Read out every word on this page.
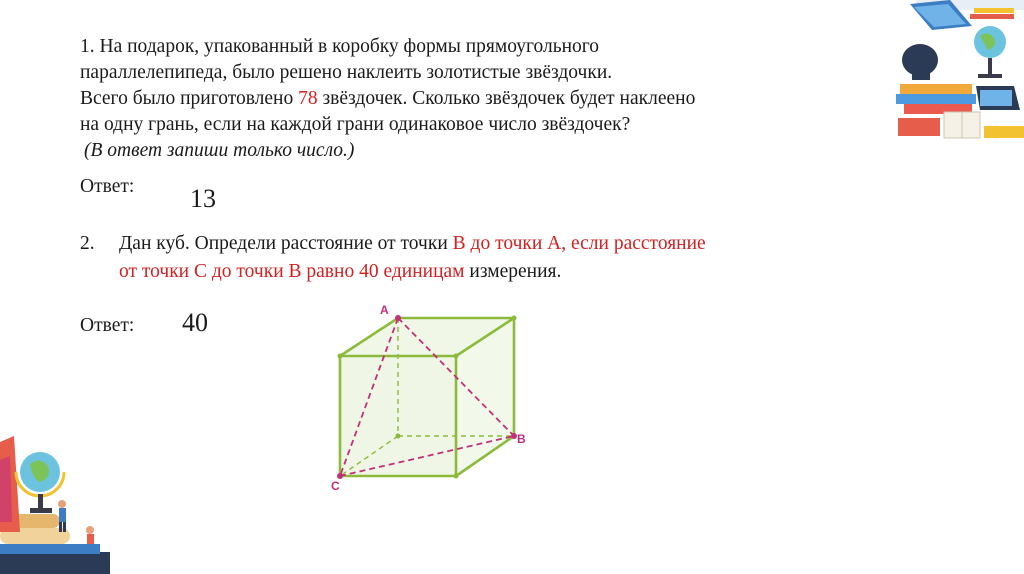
1. На подарок, упакованный в коробку формы прямоугольного
параллелепипеда, было решено наклеить золотистые звёздочки.
Всего было приготовлено 78 звёздочек. Сколько звёздочек будет наклеено
на одну грань, если на каждой грани одинаковое число звёздочек?
(В ответ запиши только число.)
Ответ: 13
2. Дан куб. Определи расстояние от точки В до точки А, если расстояние
от точки С до точки В равно 40 единицам измерения.
Ответ: 40	A
B
C
